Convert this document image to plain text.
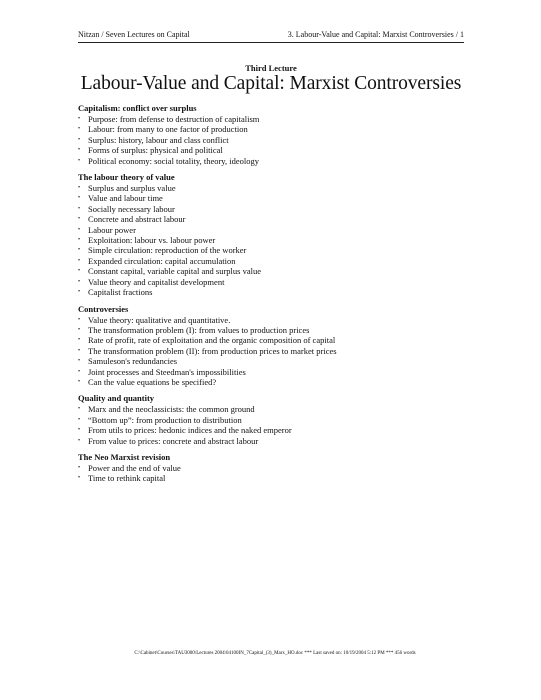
Nitzan / Seven Lectures on Capital	3. Labour-Value and Capital: Marxist Controversies / 1
Third Lecture
Labour-Value and Capital: Marxist Controversies
Capitalism: conflict over surplus
• Purpose: from defense to destruction of capitalism
• Labour: from many to one factor of production
• Surplus: history, labour and class conflict
• Forms of surplus: physical and political
• Political economy: social totality, theory, ideology
The labour theory of value
• Surplus and surplus value
• Value and labour time
• Socially necessary labour
• Concrete and abstract labour
• Labour power
• Exploitation: labour vs. labour power
• Simple circulation: reproduction of the worker
• Expanded circulation: capital accumulation
• Constant capital, variable capital and surplus value
• Value theory and capitalist development
• Capitalist fractions
Controversies
• Value theory: qualitative and quantitative.
• The transformation problem (I): from values to production prices
• Rate of profit, rate of exploitation and the organic composition of capital
• The transformation problem (II): from production prices to market prices
• Samuleson's redundancies
• Joint processes and Steedman's impossibilities
• Can the value equations be specified?
Quality and quantity
• Marx and the neoclassicists: the common ground
• “Bottom up”: from production to distribution
• From utils to prices: hedonic indices and the naked emperor
• From value to prices: concrete and abstract labour
The Neo Marxist revision
• Power and the end of value
• Time to rethink capital
C:\Cabinet\Courses\TAU3000\Lectures 2004\04100IN_7Capital_(3)_Marx_HO.doc *** Last saved on: 10/19/2004 5:12 PM *** 456 words
